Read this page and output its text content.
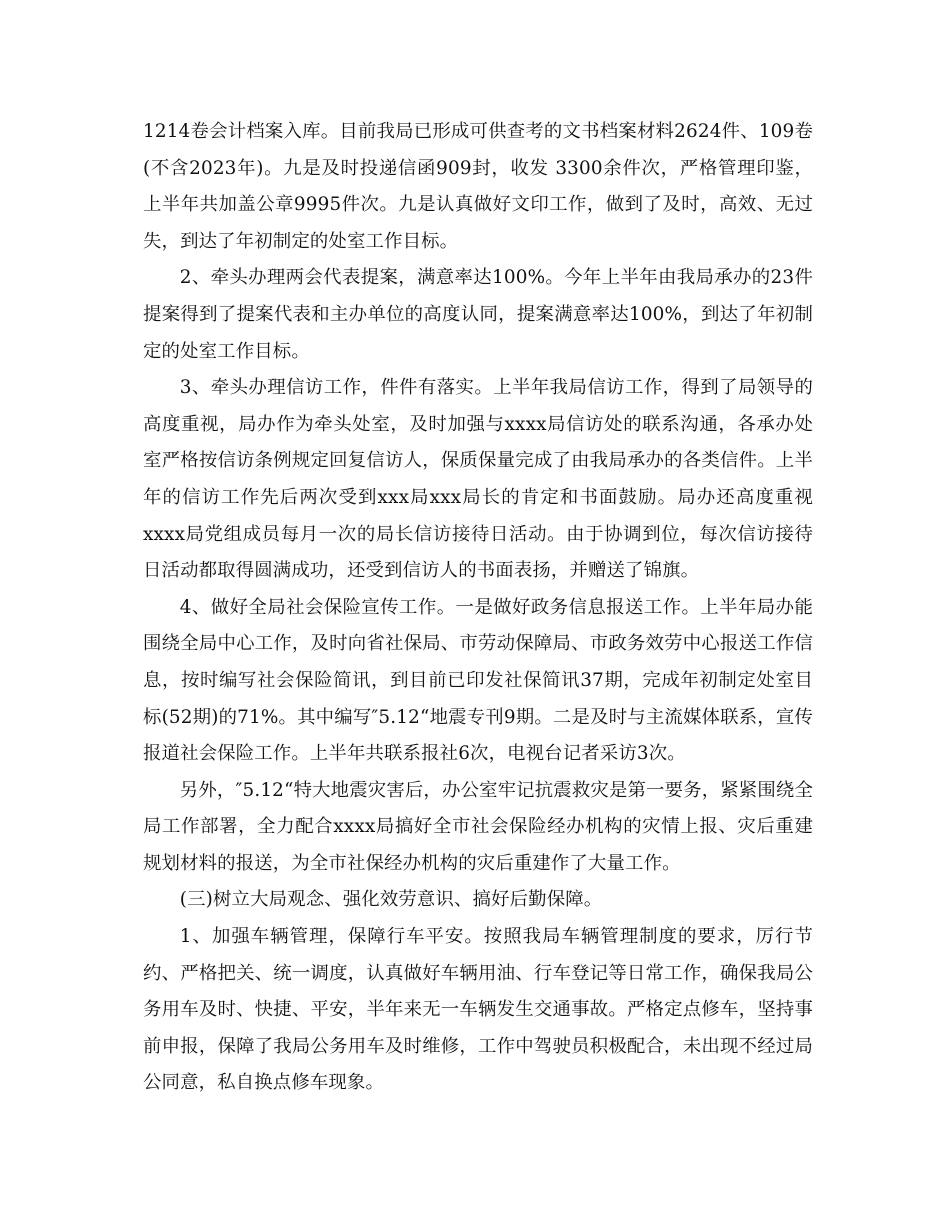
1214卷会计档案入库。目前我局已形成可供查考的文书档案材料2624件、109卷(不含2023年)。九是及时投递信函909封，收发 3300余件次，严格管理印鉴，上半年共加盖公章9995件次。九是认真做好文印工作，做到了及时，高效、无过失，到达了年初制定的处室工作目标。

2、牵头办理两会代表提案，满意率达100%。今年上半年由我局承办的23件提案得到了提案代表和主办单位的高度认同，提案满意率达100%，到达了年初制定的处室工作目标。

3、牵头办理信访工作，件件有落实。上半年我局信访工作，得到了局领导的高度重视，局办作为牵头处室，及时加强与xxxx局信访处的联系沟通，各承办处室严格按信访条例规定回复信访人，保质保量完成了由我局承办的各类信件。上半年的信访工作先后两次受到xxx局xxx局长的肯定和书面鼓励。局办还高度重视xxxx局党组成员每月一次的局长信访接待日活动。由于协调到位，每次信访接待日活动都取得圆满成功，还受到信访人的书面表扬，并赠送了锦旗。

4、做好全局社会保险宣传工作。一是做好政务信息报送工作。上半年局办能围绕全局中心工作，及时向省社保局、市劳动保障局、市政务效劳中心报送工作信息，按时编写社会保险简讯，到目前已印发社保简讯37期，完成年初制定处室目标(52期)的71%。其中编写″5.12“地震专刊9期。二是及时与主流媒体联系，宣传报道社会保险工作。上半年共联系报社6次，电视台记者采访3次。

另外，″5.12“特大地震灾害后，办公室牢记抗震救灾是第一要务，紧紧围绕全局工作部署，全力配合xxxx局搞好全市社会保险经办机构的灾情上报、灾后重建规划材料的报送，为全市社保经办机构的灾后重建作了大量工作。

(三)树立大局观念、强化效劳意识、搞好后勤保障。

1、加强车辆管理，保障行车平安。按照我局车辆管理制度的要求，厉行节约、严格把关、统一调度，认真做好车辆用油、行车登记等日常工作，确保我局公务用车及时、快捷、平安，半年来无一车辆发生交通事故。严格定点修车，坚持事前申报，保障了我局公务用车及时维修，工作中驾驶员积极配合，未出现不经过局公同意，私自换点修车现象。
